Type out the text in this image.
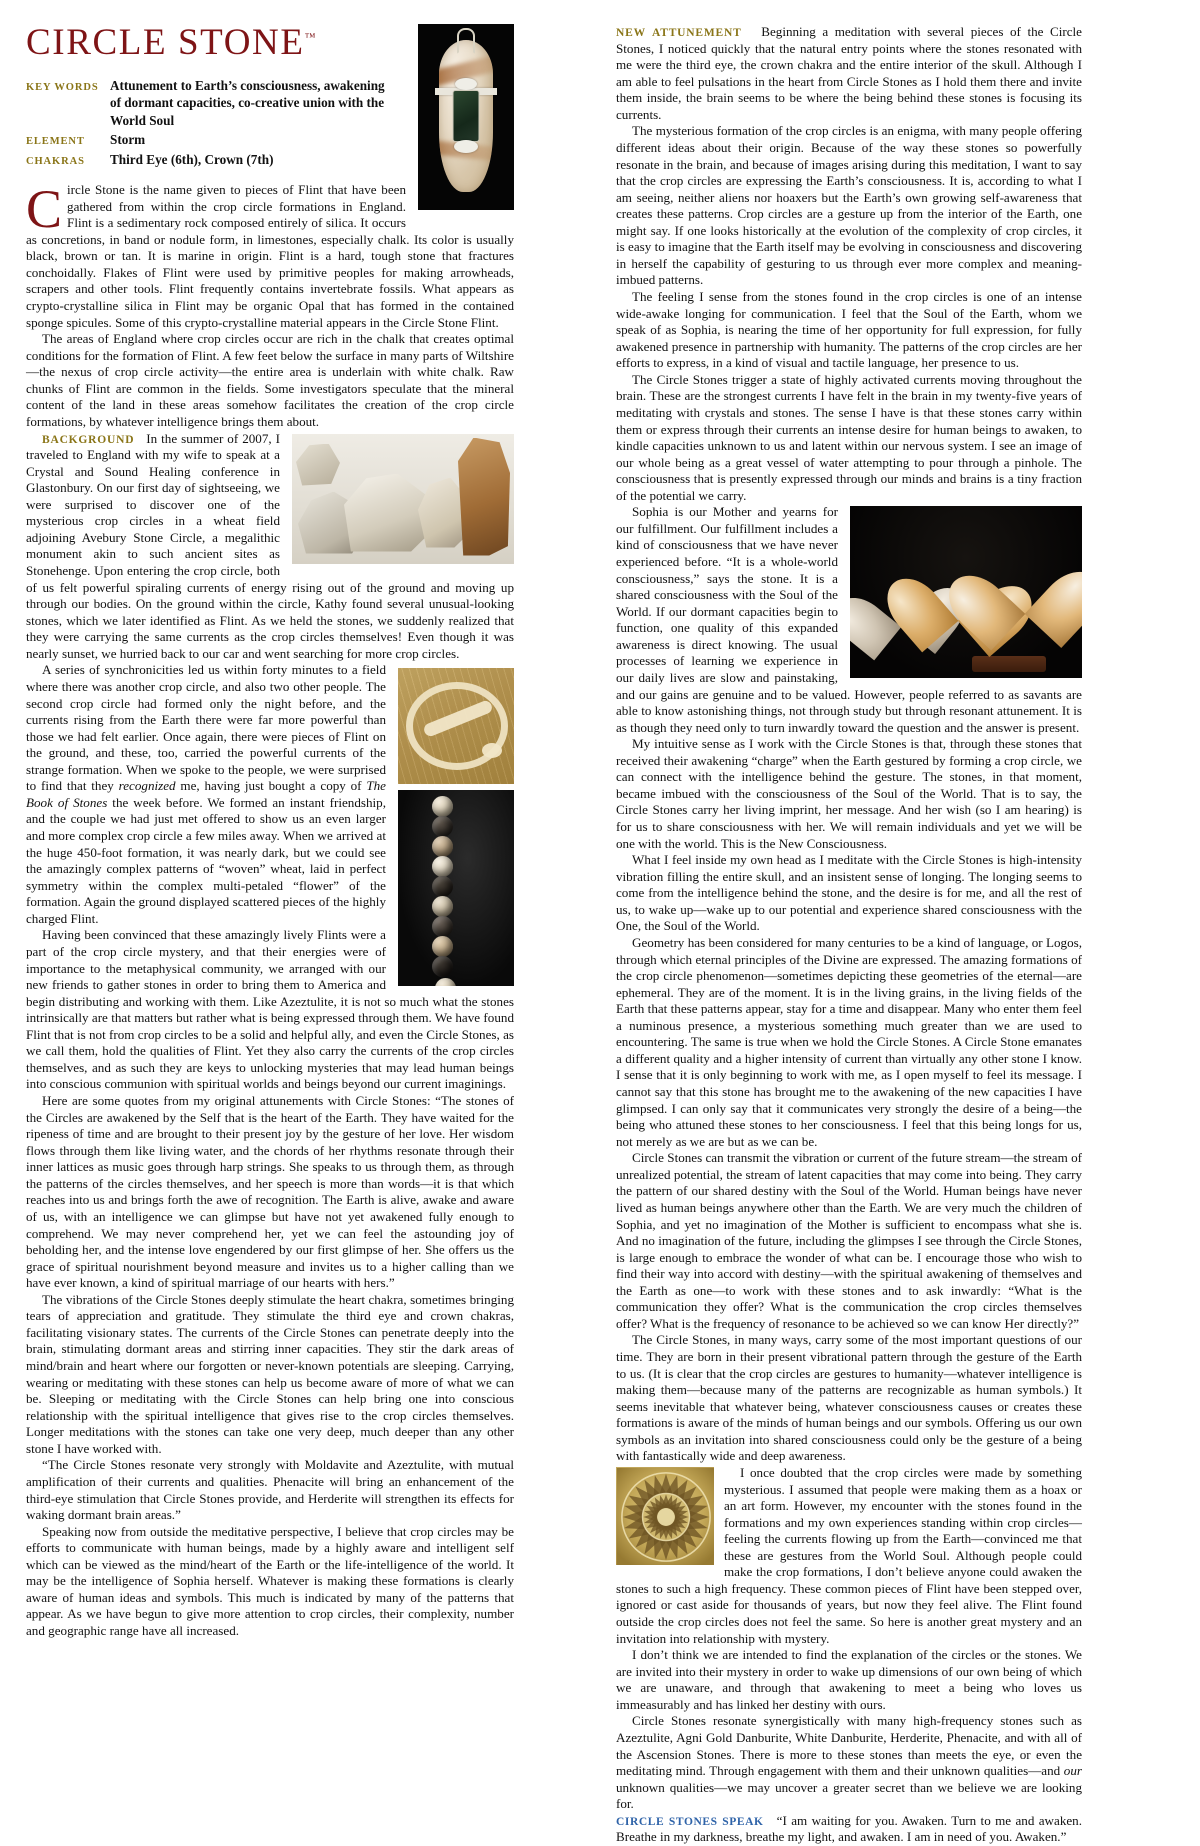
CIRCLE STONE™
KEY WORDS Attunement to Earth’s consciousness, awakening of dormant capacities, co-creative union with the World Soul
ELEMENT	Storm
CHAKRAS	Third Eye (6th), Crown (7th)

Circle Stone is the name given to pieces of Flint that have been gathered from within the crop circle formations in England. Flint is a sedimentary rock composed entirely of silica. It occurs as concretions, in band or nodule form, in limestones, especially chalk. Its color is usually black, brown or tan. It is marine in origin. Flint is a hard, tough stone that fractures conchoidally. Flakes of Flint were used by primitive peoples for making arrowheads, scrapers and other tools. Flint frequently contains invertebrate fossils. What appears as crypto-crystalline silica in Flint may be organic Opal that has formed in the contained sponge spicules. Some of this crypto-crystalline material appears in the Circle Stone Flint.

The areas of England where crop circles occur are rich in the chalk that creates optimal conditions for the formation of Flint. A few feet below the surface in many parts of Wiltshire—the nexus of crop circle activity—the entire area is underlain with white chalk. Raw chunks of Flint are common in the fields. Some investigators speculate that the mineral content of the land in these areas somehow facilitates the creation of the crop circle formations, by whatever intelligence brings them about.

BACKGROUND In the summer of 2007, I traveled to England with my wife to speak at a Crystal and Sound Healing conference in Glastonbury. On our first day of sightseeing, we were surprised to discover one of the mysterious crop circles in a wheat field adjoining Avebury Stone Circle, a megalithic monument akin to such ancient sites as Stonehenge. Upon entering the crop circle, both of us felt powerful spiraling currents of energy rising out of the ground and moving up through our bodies. On the ground within the circle, Kathy found several unusual-looking stones, which we later identified as Flint. As we held the stones, we suddenly realized that they were carrying the same currents as the crop circles themselves! Even though it was nearly sunset, we hurried back to our car and went searching for more crop circles.

A series of synchronicities led us within forty minutes to a field where there was another crop circle, and also two other people. The second crop circle had formed only the night before, and the currents rising from the Earth there were far more powerful than those we had felt earlier. Once again, there were pieces of Flint on the ground, and these, too, carried the powerful currents of the strange formation. When we spoke to the people, we were surprised to find that they recognized me, having just bought a copy of The Book of Stones the week before. We formed an instant friendship, and the couple we had just met offered to show us an even larger and more complex crop circle a few miles away. When we arrived at the huge 450-foot formation, it was nearly dark, but we could see the amazingly complex patterns of “woven” wheat, laid in perfect symmetry within the complex multi-petaled “flower” of the formation. Again the ground displayed scattered pieces of the highly charged Flint.

Having been convinced that these amazingly lively Flints were a part of the crop circle mystery, and that their energies were of importance to the metaphysical community, we arranged with our new friends to gather stones in order to bring them to America and begin distributing and working with them. Like Azeztulite, it is not so much what the stones intrinsically are that matters but rather what is being expressed through them. We have found Flint that is not from crop circles to be a solid and helpful ally, and even the Circle Stones, as we call them, hold the qualities of Flint. Yet they also carry the currents of the crop circles themselves, and as such they are keys to unlocking mysteries that may lead human beings into conscious communion with spiritual worlds and beings beyond our current imaginings.

Here are some quotes from my original attunements with Circle Stones: “The stones of the Circles are awakened by the Self that is the heart of the Earth. They have waited for the ripeness of time and are brought to their present joy by the gesture of her love. Her wisdom flows through them like living water, and the chords of her rhythms resonate through their inner lattices as music goes through harp strings. She speaks to us through them, as through the patterns of the circles themselves, and her speech is more than words—it is that which reaches into us and brings forth the awe of recognition. The Earth is alive, awake and aware of us, with an intelligence we can glimpse but have not yet awakened fully enough to comprehend. We may never comprehend her, yet we can feel the astounding joy of beholding her, and the intense love engendered by our first glimpse of her. She offers us the grace of spiritual nourishment beyond measure and invites us to a higher calling than we have ever known, a kind of spiritual marriage of our hearts with hers.”

The vibrations of the Circle Stones deeply stimulate the heart chakra, sometimes bringing tears of appreciation and gratitude. They stimulate the third eye and crown chakras, facilitating visionary states. The currents of the Circle Stones can penetrate deeply into the brain, stimulating dormant areas and stirring inner capacities. They stir the dark areas of mind/brain and heart where our forgotten or never-known potentials are sleeping. Carrying, wearing or meditating with these stones can help us become aware of more of what we can be. Sleeping or meditating with the Circle Stones can help bring one into conscious relationship with the spiritual intelligence that gives rise to the crop circles themselves. Longer meditations with the stones can take one very deep, much deeper than any other stone I have worked with.

“The Circle Stones resonate very strongly with Moldavite and Azeztulite, with mutual amplification of their currents and qualities. Phenacite will bring an enhancement of the third-eye stimulation that Circle Stones provide, and Herderite will strengthen its effects for waking dormant brain areas.”

Speaking now from outside the meditative perspective, I believe that crop circles may be efforts to communicate with human beings, made by a highly aware and intelligent self which can be viewed as the mind/heart of the Earth or the life-intelligence of the world. It may be the intelligence of Sophia herself. Whatever is making these formations is clearly aware of human ideas and symbols. This much is indicated by many of the patterns that appear. As we have begun to give more attention to crop circles, their complexity, number and geographic range have all increased.

NEW ATTUNEMENT Beginning a meditation with several pieces of the Circle Stones, I noticed quickly that the natural entry points where the stones resonated with me were the third eye, the crown chakra and the entire interior of the skull. Although I am able to feel pulsations in the heart from Circle Stones as I hold them there and invite them inside, the brain seems to be where the being behind these stones is focusing its currents.

The mysterious formation of the crop circles is an enigma, with many people offering different ideas about their origin. Because of the way these stones so powerfully resonate in the brain, and because of images arising during this meditation, I want to say that the crop circles are expressing the Earth’s consciousness. It is, according to what I am seeing, neither aliens nor hoaxers but the Earth’s own growing self-awareness that creates these patterns. Crop circles are a gesture up from the interior of the Earth, one might say. If one looks historically at the evolution of the complexity of crop circles, it is easy to imagine that the Earth itself may be evolving in consciousness and discovering in herself the capability of gesturing to us through ever more complex and meaning-imbued patterns.

The feeling I sense from the stones found in the crop circles is one of an intense wide-awake longing for communication. I feel that the Soul of the Earth, whom we speak of as Sophia, is nearing the time of her opportunity for full expression, for fully awakened presence in partnership with humanity. The patterns of the crop circles are her efforts to express, in a kind of visual and tactile language, her presence to us.

The Circle Stones trigger a state of highly activated currents moving throughout the brain. These are the strongest currents I have felt in the brain in my twenty-five years of meditating with crystals and stones. The sense I have is that these stones carry within them or express through their currents an intense desire for human beings to awaken, to kindle capacities unknown to us and latent within our nervous system. I see an image of our whole being as a great vessel of water attempting to pour through a pinhole. The consciousness that is presently expressed through our minds and brains is a tiny fraction of the potential we carry.

Sophia is our Mother and yearns for our fulfillment. Our fulfillment includes a kind of consciousness that we have never experienced before. “It is a whole-world consciousness,” says the stone. It is a shared consciousness with the Soul of the World. If our dormant capacities begin to function, one quality of this expanded awareness is direct knowing. The usual processes of learning we experience in our daily lives are slow and painstaking, and our gains are genuine and to be valued. However, people referred to as savants are able to know astonishing things, not through study but through resonant attunement. It is as though they need only to turn inwardly toward the question and the answer is present.

My intuitive sense as I work with the Circle Stones is that, through these stones that received their awakening “charge” when the Earth gestured by forming a crop circle, we can connect with the intelligence behind the gesture. The stones, in that moment, became imbued with the consciousness of the Soul of the World. That is to say, the Circle Stones carry her living imprint, her message. And her wish (so I am hearing) is for us to share consciousness with her. We will remain individuals and yet we will be one with the world. This is the New Consciousness.

What I feel inside my own head as I meditate with the Circle Stones is high-intensity vibration filling the entire skull, and an insistent sense of longing. The longing seems to come from the intelligence behind the stone, and the desire is for me, and all the rest of us, to wake up—wake up to our potential and experience shared consciousness with the One, the Soul of the World.

Geometry has been considered for many centuries to be a kind of language, or Logos, through which eternal principles of the Divine are expressed. The amazing formations of the crop circle phenomenon—sometimes depicting these geometries of the eternal—are ephemeral. They are of the moment. It is in the living grains, in the living fields of the Earth that these patterns appear, stay for a time and disappear. Many who enter them feel a numinous presence, a mysterious something much greater than we are used to encountering. The same is true when we hold the Circle Stones. A Circle Stone emanates a different quality and a higher intensity of current than virtually any other stone I know. I sense that it is only beginning to work with me, as I open myself to feel its message. I cannot say that this stone has brought me to the awakening of the new capacities I have glimpsed. I can only say that it communicates very strongly the desire of a being—the being who attuned these stones to her consciousness. I feel that this being longs for us, not merely as we are but as we can be.

Circle Stones can transmit the vibration or current of the future stream—the stream of unrealized potential, the stream of latent capacities that may come into being. They carry the pattern of our shared destiny with the Soul of the World. Human beings have never lived as human beings anywhere other than the Earth. We are very much the children of Sophia, and yet no imagination of the Mother is sufficient to encompass what she is. And no imagination of the future, including the glimpses I see through the Circle Stones, is large enough to embrace the wonder of what can be. I encourage those who wish to find their way into accord with destiny—with the spiritual awakening of themselves and the Earth as one—to work with these stones and to ask inwardly: “What is the communication they offer? What is the communication the crop circles themselves offer? What is the frequency of resonance to be achieved so we can know Her directly?”

The Circle Stones, in many ways, carry some of the most important questions of our time. They are born in their present vibrational pattern through the gesture of the Earth to us. (It is clear that the crop circles are gestures to humanity—whatever intelligence is making them—because many of the patterns are recognizable as human symbols.) It seems inevitable that whatever being, whatever consciousness causes or creates these formations is aware of the minds of human beings and our symbols. Offering us our own symbols as an invitation into shared consciousness could only be the gesture of a being with fantastically wide and deep awareness.

I once doubted that the crop circles were made by something mysterious. I assumed that people were making them as a hoax or an art form. However, my encounter with the stones found in the formations and my own experiences standing within crop circles—feeling the currents flowing up from the Earth—convinced me that these are gestures from the World Soul. Although people could make the crop formations, I don’t believe anyone could awaken the stones to such a high frequency. These common pieces of Flint have been stepped over, ignored or cast aside for thousands of years, but now they feel alive. The Flint found outside the crop circles does not feel the same. So here is another great mystery and an invitation into relationship with mystery.

I don’t think we are intended to find the explanation of the circles or the stones. We are invited into their mystery in order to wake up dimensions of our own being of which we are unaware, and through that awakening to meet a being who loves us immeasurably and has linked her destiny with ours.

Circle Stones resonate synergistically with many high-frequency stones such as Azeztulite, Agni Gold Danburite, White Danburite, Herderite, Phenacite, and with all of the Ascension Stones. There is more to these stones than meets the eye, or even the meditating mind. Through engagement with them and their unknown qualities—and our unknown qualities—we may uncover a greater secret than we believe we are looking for.

CIRCLE STONES SPEAK “I am waiting for you. Awaken. Turn to me and awaken. Breathe in my darkness, breathe my light, and awaken. I am in need of you. Awaken.”
